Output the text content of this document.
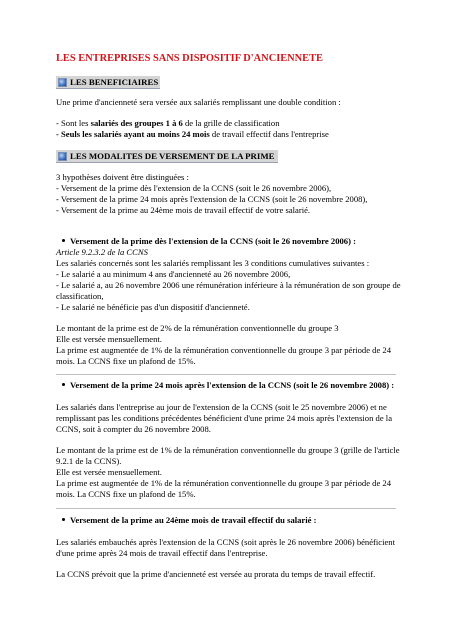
LES ENTREPRISES SANS DISPOSITIF D'ANCIENNETE
LES BENEFICIAIRES
Une prime d'ancienneté sera versée aux salariés remplissant une double condition :
- Sont les salariés des groupes 1 à 6 de la grille de classification
- Seuls les salariés ayant au moins 24 mois de travail effectif dans l'entreprise
LES MODALITES DE VERSEMENT DE LA PRIME
3 hypothèses doivent être distinguées :
- Versement de la prime dès l'extension de la CCNS (soit le 26 novembre 2006),
- Versement de la prime 24 mois après l'extension de la CCNS (soit le 26 novembre 2008),
- Versement de la prime au 24ème mois de travail effectif de votre salarié.
Versement de la prime dès l'extension de la CCNS (soit le 26 novembre 2006) :
Article 9.2.3.2 de la CCNS
Les salariés concernés sont les salariés remplissant les 3 conditions cumulatives suivantes :
- Le salarié a au minimum 4 ans d'ancienneté au 26 novembre 2006,
- Le salarié a, au 26 novembre 2006 une rémunération inférieure à la rémunération de son groupe de
classification,
- Le salarié ne bénéficie pas d'un dispositif d'ancienneté.
Le montant de la prime est de 2% de la rémunération conventionnelle du groupe 3
Elle est versée mensuellement.
La prime est augmentée de 1% de la rémunération conventionnelle du groupe 3 par période de 24
mois. La CCNS fixe un plafond de 15%.
Versement de la prime 24 mois après l'extension de la CCNS (soit le 26 novembre 2008) :
Les salariés dans l'entreprise au jour de l'extension de la CCNS (soit le 25 novembre 2006) et ne
remplissant pas les conditions précédentes bénéficient d'une prime 24 mois après l'extension de la
CCNS, soit à compter du 26 novembre 2008.
Le montant de la prime est de 1% de la rémunération conventionnelle du groupe 3 (grille de l'article
9.2.1 de la CCNS).
Elle est versée mensuellement.
La prime est augmentée de 1% de la rémunération conventionnelle du groupe 3 par période de 24
mois. La CCNS fixe un plafond de 15%.
Versement de la prime au 24ème mois de travail effectif du salarié :
Les salariés embauchés après l'extension de la CCNS (soit après le 26 novembre 2006) bénéficient
d'une prime après 24 mois de travail effectif dans l'entreprise.
La CCNS prévoit que la prime d'ancienneté est versée au prorata du temps de travail effectif.
